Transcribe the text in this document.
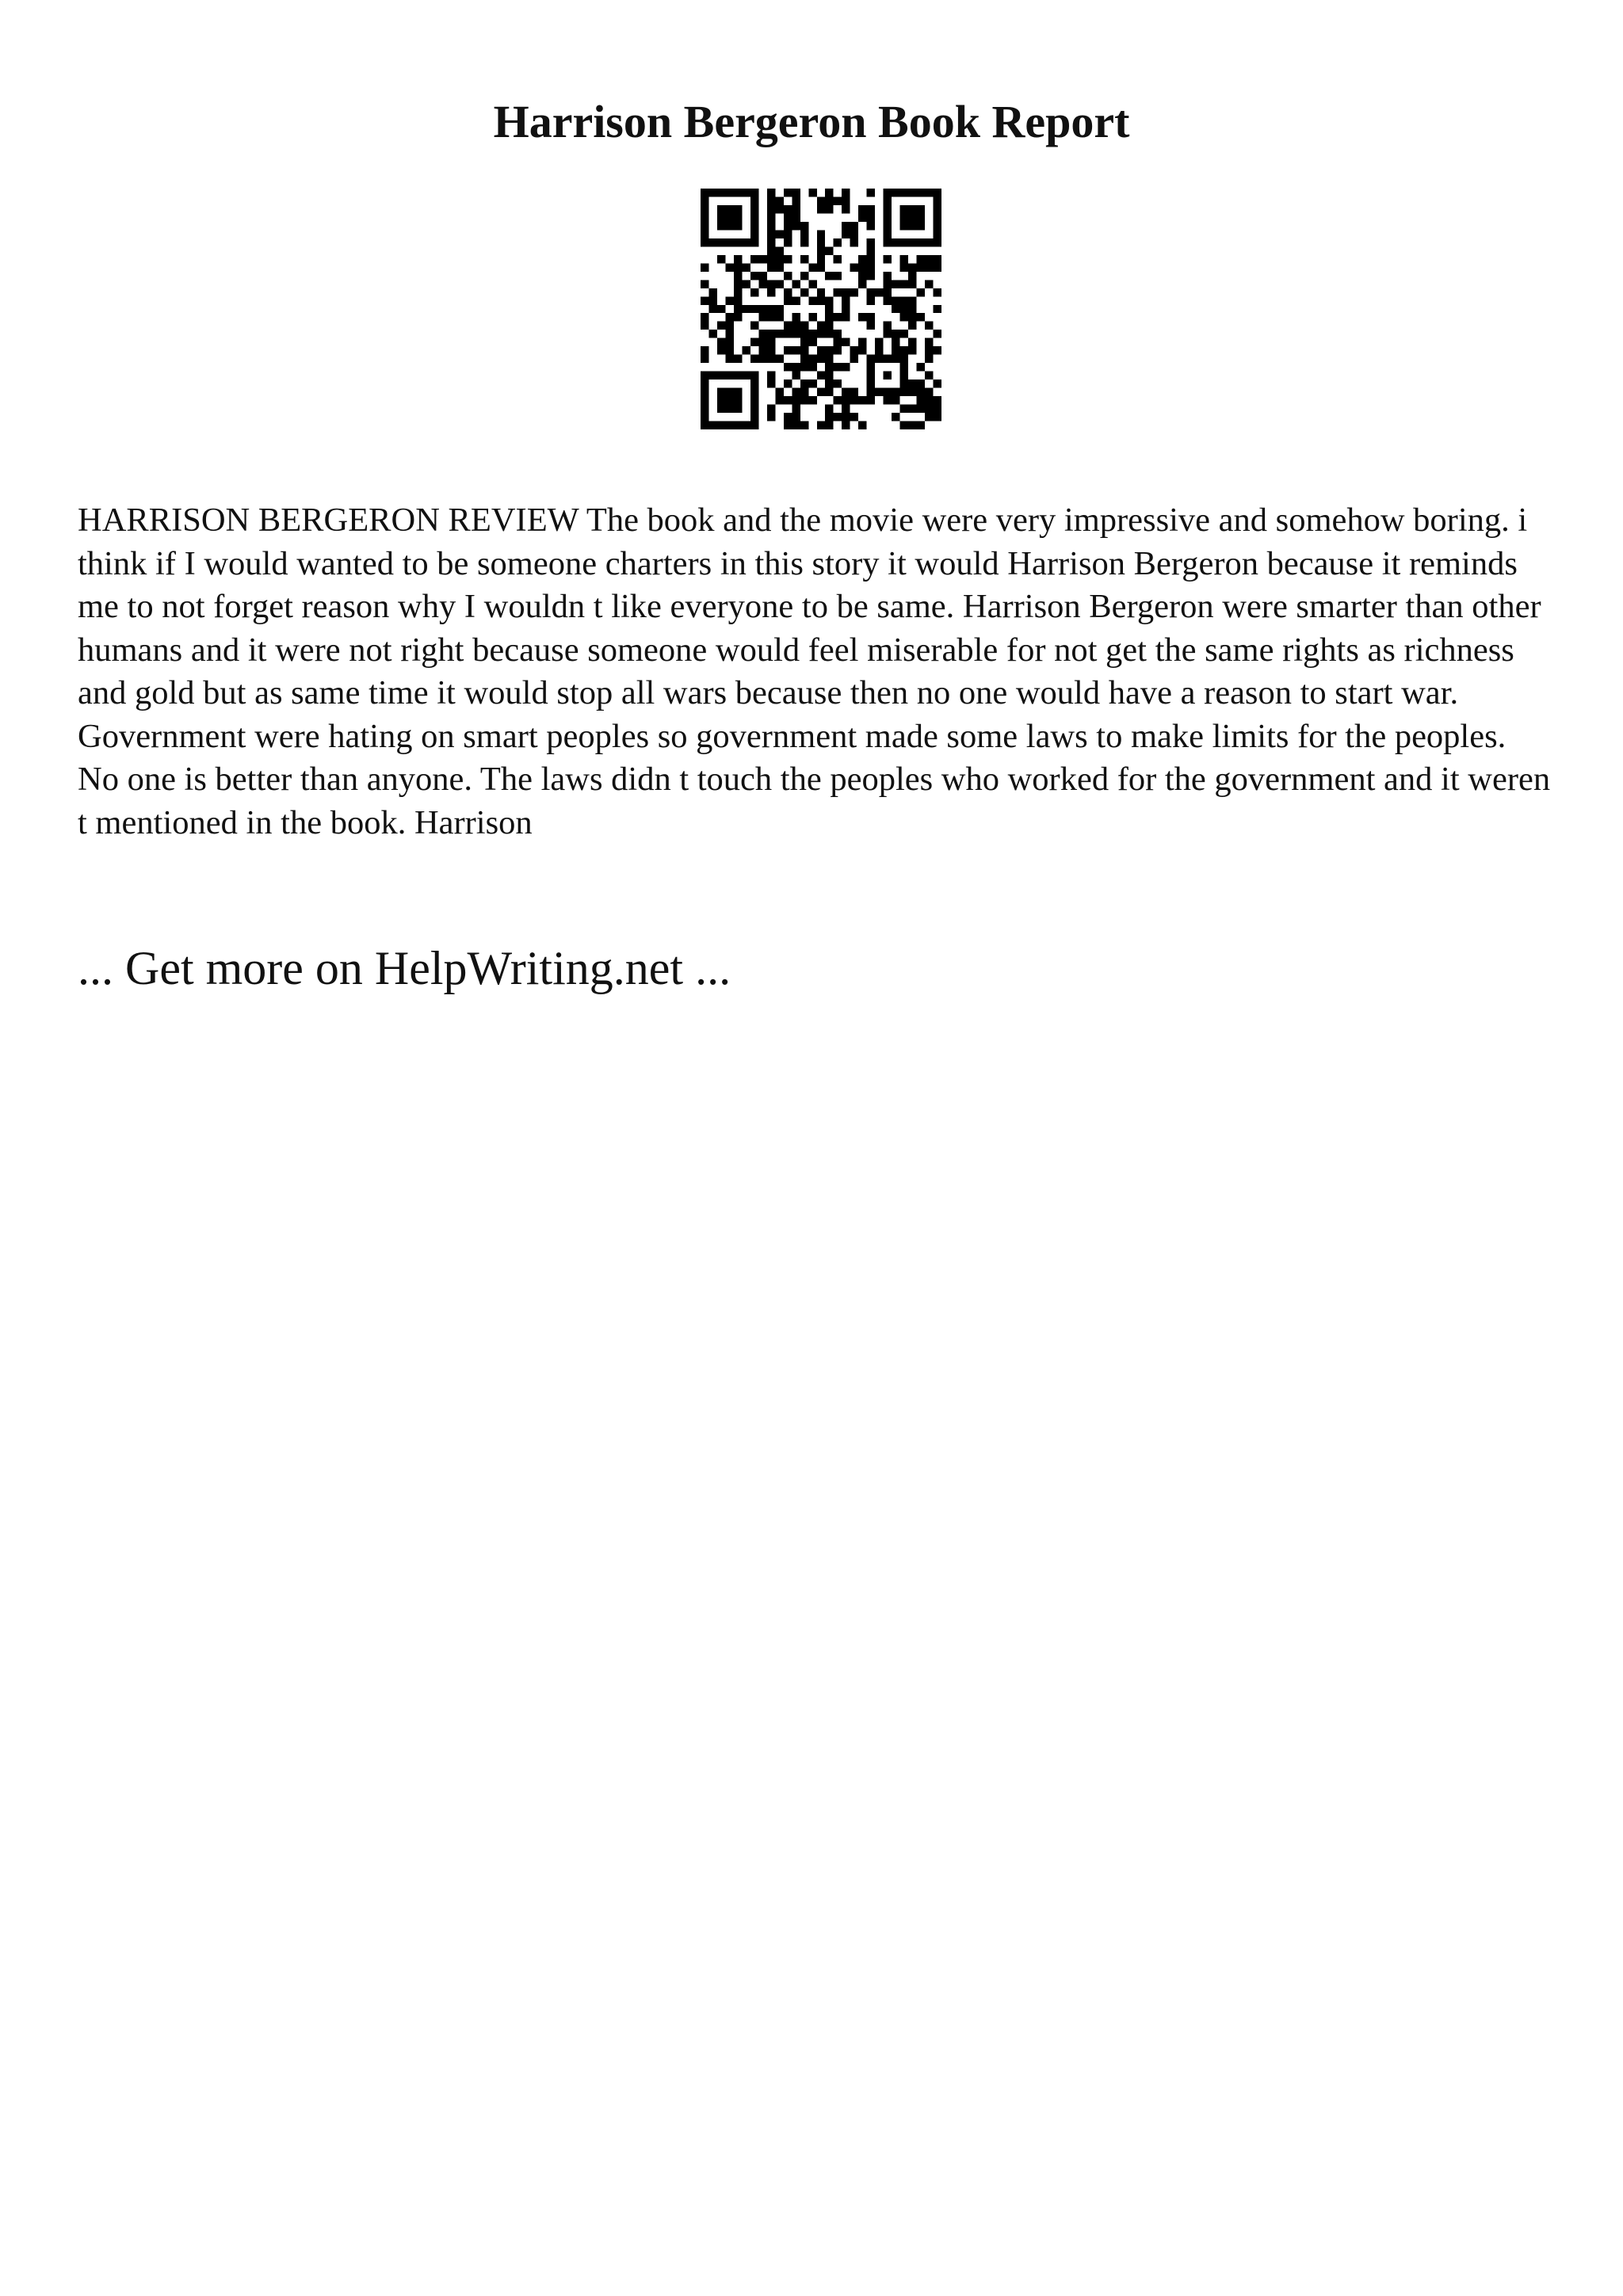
Harrison Bergeron Book Report

HARRISON BERGERON REVIEW The book and the movie were very impressive and somehow boring. i think if I would wanted to be someone charters in this story it would Harrison Bergeron because it reminds me to not forget reason why I wouldn t like everyone to be same. Harrison Bergeron were smarter than other humans and it were not right because someone would feel miserable for not get the same rights as richness and gold but as same time it would stop all wars because then no one would have a reason to start war. Government were hating on smart peoples so government made some laws to make limits for the peoples. No one is better than anyone. The laws didn t touch the peoples who worked for the government and it weren t mentioned in the book. Harrison

... Get more on HelpWriting.net ...
